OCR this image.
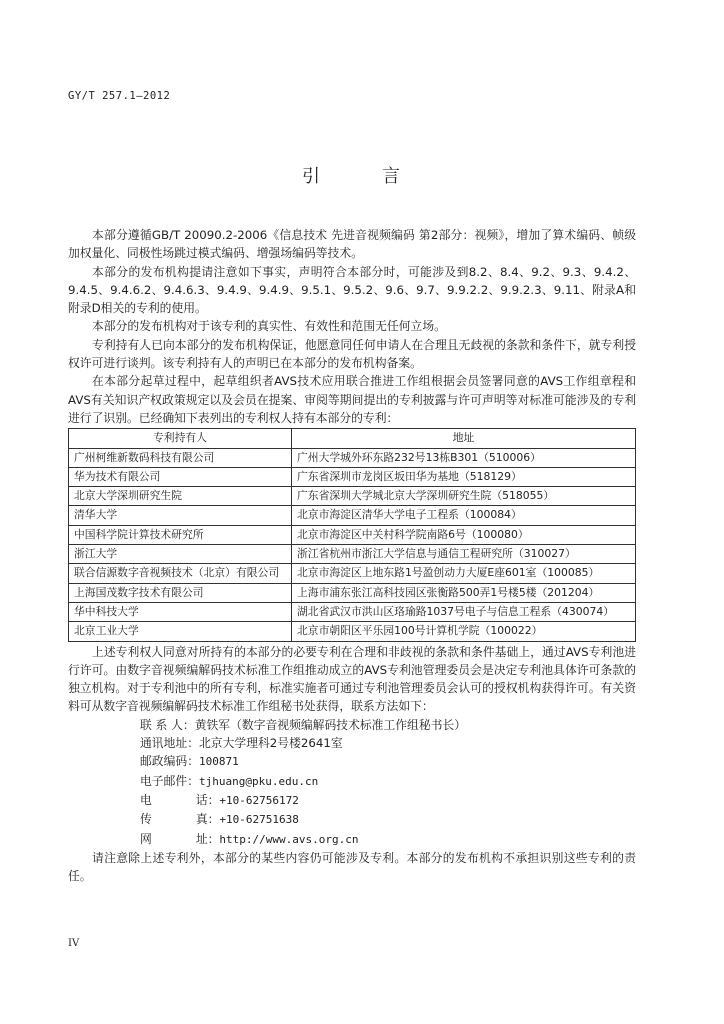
GY/T 257.1—2012
引　言

本部分遵循GB/T 20090.2-2006《信息技术 先进音视频编码 第2部分：视频》，增加了算术编码、帧级加权量化、同极性场跳过模式编码、增强场编码等技术。

本部分的发布机构提请注意如下事实，声明符合本部分时，可能涉及到8.2、8.4、9.2、9.3、9.4.2、9.4.5、9.4.6.2、9.4.6.3、9.4.9、9.4.9、9.5.1、9.5.2、9.6、9.7、9.9.2.2、9.9.2.3、9.11、附录A和附录D相关的专利的使用。

本部分的发布机构对于该专利的真实性、有效性和范围无任何立场。

专利持有人已向本部分的发布机构保证，他愿意同任何申请人在合理且无歧视的条款和条件下，就专利授权许可进行谈判。该专利持有人的声明已在本部分的发布机构备案。

在本部分起草过程中，起草组织者AVS技术应用联合推进工作组根据会员签署同意的AVS工作组章程和AVS有关知识产权政策规定以及会员在提案、审阅等期间提出的专利披露与许可声明等对标准可能涉及的专利进行了识别。已经确知下表列出的专利权人持有本部分的专利：

专利持有人	地址
广州柯维新数码科技有限公司	广州大学城外环东路232号13栋B301（510006）
华为技术有限公司	广东省深圳市龙岗区坂田华为基地（518129）
北京大学深圳研究生院	广东省深圳大学城北京大学深圳研究生院（518055）
清华大学	北京市海淀区清华大学电子工程系（100084）
中国科学院计算技术研究所	北京市海淀区中关村科学院南路6号（100080）
浙江大学	浙江省杭州市浙江大学信息与通信工程研究所（310027）
联合信源数字音视频技术（北京）有限公司	北京市海淀区上地东路1号盈创动力大厦E座601室（100085）
上海国茂数字技术有限公司	上海市浦东张江高科技园区张衡路500弄1号楼5楼（201204）
华中科技大学	湖北省武汉市洪山区珞瑜路1037号电子与信息工程系（430074）
北京工业大学	北京市朝阳区平乐园100号计算机学院（100022）

上述专利权人同意对所持有的本部分的必要专利在合理和非歧视的条款和条件基础上，通过AVS专利池进行许可。由数字音视频编解码技术标准工作组推动成立的AVS专利池管理委员会是决定专利池具体许可条款的独立机构。对于专利池中的所有专利，标准实施者可通过专利池管理委员会认可的授权机构获得许可。有关资料可从数字音视频编解码技术标准工作组秘书处获得，联系方法如下：

联 系 人：黄铁军（数字音视频编解码技术标准工作组秘书长）

通讯地址：北京大学理科2号楼2641室

邮政编码：100871

电子邮件：tjhuang@pku.edu.cn

电 话：+10-62756172

传 真：+10-62751638

网 址：http://www.avs.org.cn

请注意除上述专利外，本部分的某些内容仍可能涉及专利。本部分的发布机构不承担识别这些专利的责任。

IV
